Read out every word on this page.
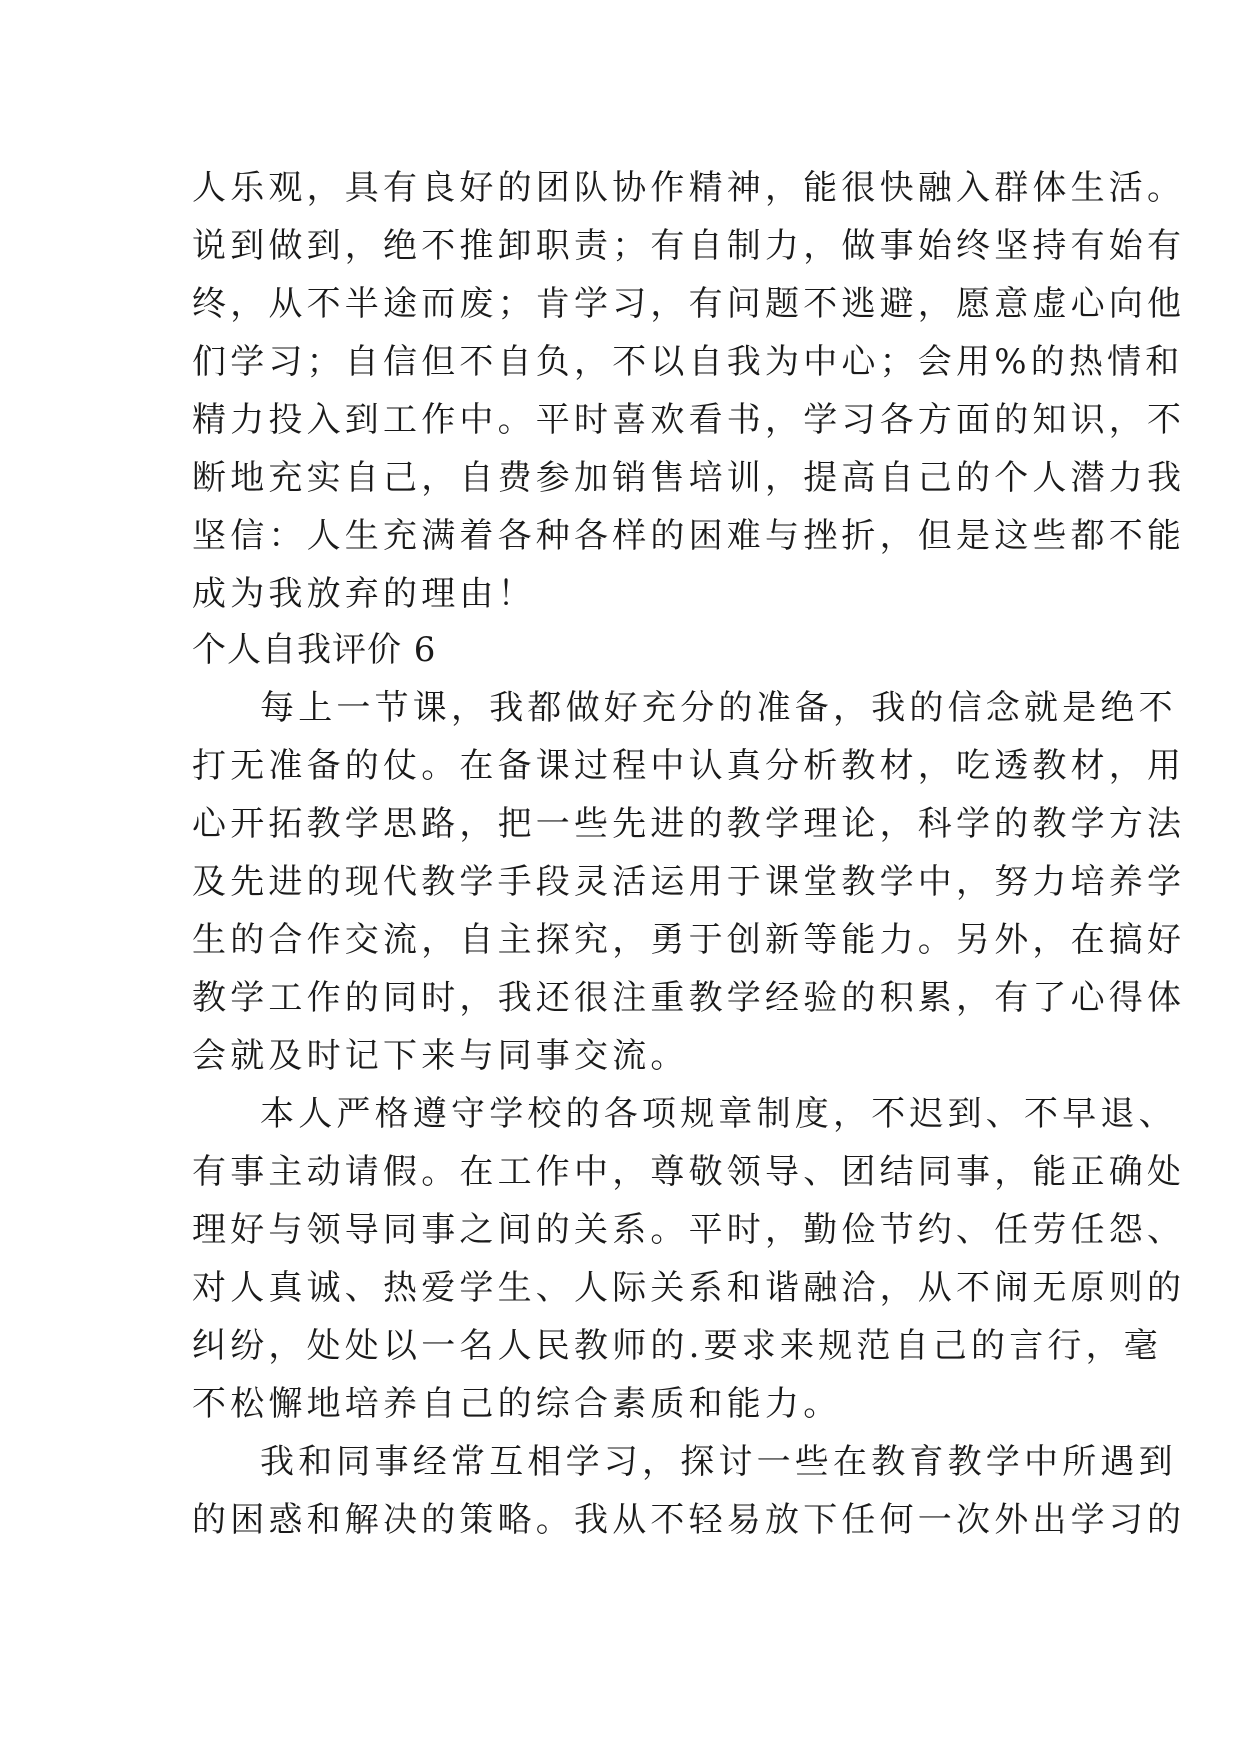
人乐观，具有良好的团队协作精神，能很快融入群体生活。
说到做到，绝不推卸职责；有自制力，做事始终坚持有始有
终，从不半途而废；肯学习，有问题不逃避，愿意虚心向他
们学习；自信但不自负，不以自我为中心；会用%的热情和
精力投入到工作中。平时喜欢看书，学习各方面的知识，不
断地充实自己，自费参加销售培训，提高自己的个人潜力我
坚信：人生充满着各种各样的困难与挫折，但是这些都不能
成为我放弃的理由！
个人自我评价 6
每上一节课，我都做好充分的准备，我的信念就是绝不
打无准备的仗。在备课过程中认真分析教材，吃透教材，用
心开拓教学思路，把一些先进的教学理论，科学的教学方法
及先进的现代教学手段灵活运用于课堂教学中，努力培养学
生的合作交流，自主探究，勇于创新等能力。另外，在搞好
教学工作的同时，我还很注重教学经验的积累，有了心得体
会就及时记下来与同事交流。
本人严格遵守学校的各项规章制度，不迟到、不早退、
有事主动请假。在工作中，尊敬领导、团结同事，能正确处
理好与领导同事之间的关系。平时，勤俭节约、任劳任怨、
对人真诚、热爱学生、人际关系和谐融洽，从不闹无原则的
纠纷，处处以一名人民教师的.要求来规范自己的言行，毫
不松懈地培养自己的综合素质和能力。
我和同事经常互相学习，探讨一些在教育教学中所遇到
的困惑和解决的策略。我从不轻易放下任何一次外出学习的
